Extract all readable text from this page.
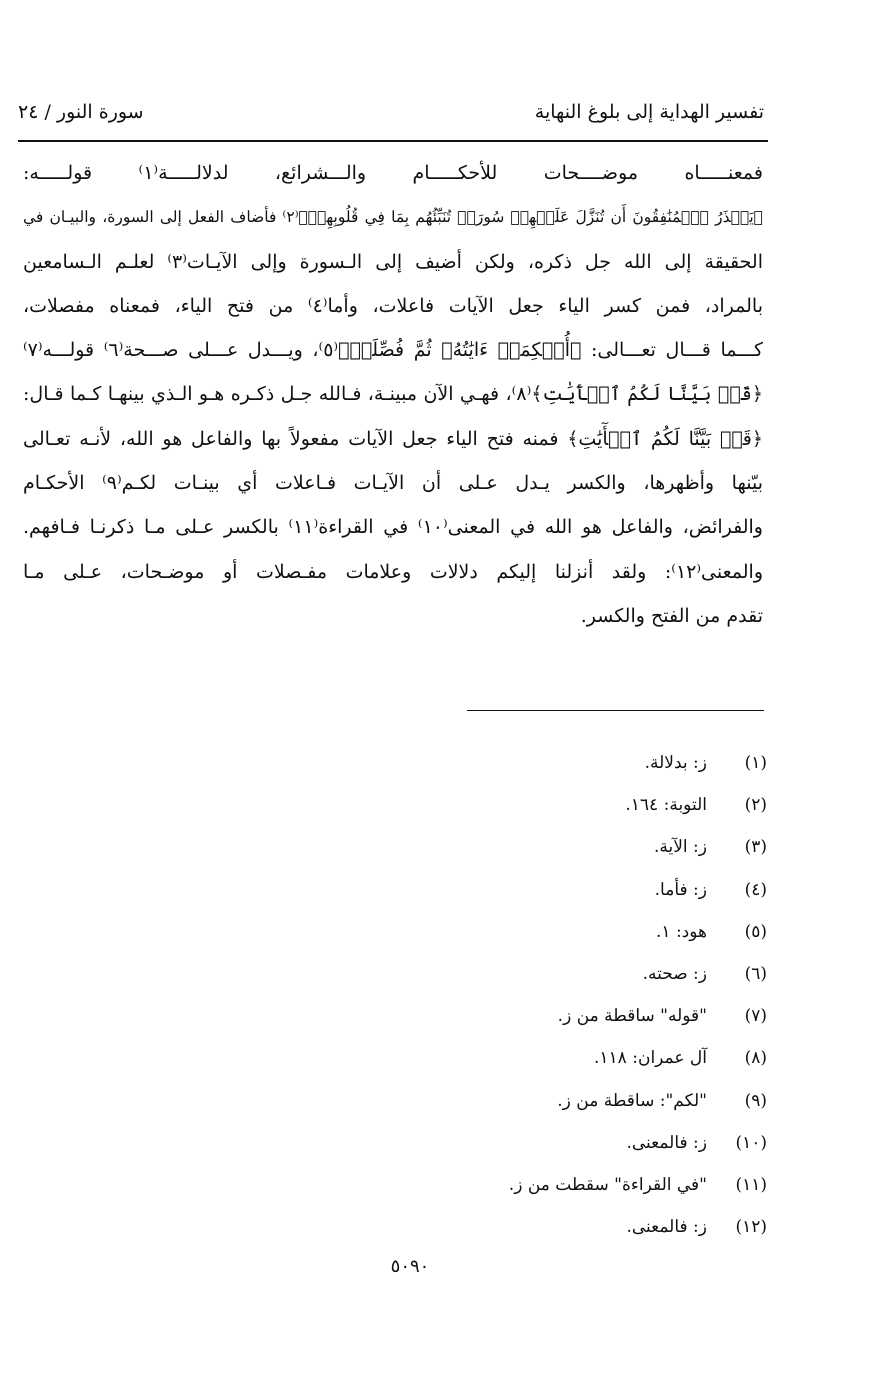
تفسير الهداية إلى بلوغ النهاية
سورة النور / ٢٤
فمعنـــــاه موضــــحات للأحكـــــام والـــشرائع، لدلالـــــة⁽١⁾ قولـــــه:
﴿يَحۡذَرُ ٱلۡمُنَٰفِقُونَ أَن تُنَزَّلَ عَلَيۡهِمۡ سُورَةٞ تُنَبِّئُهُم بِمَا فِي قُلُوبِهِمۡ﴾⁽٢⁾ فأضاف الفعل إلى السورة، والبيـان في
الحقيقة إلى الله جل ذكره، ولكن أضيف إلى الـسورة وإلى الآيـات⁽٣⁾ لعلـم الـسامعين
بالمراد، فمن كسر الياء جعل الآيات فاعلات، وأما⁽٤⁾ من فتح الياء، فمعناه مفصلات،
كـــما قـــال تعـــالى: ﴿أُحۡكِمَتۡ ءَايَٰتُهُۥ ثُمَّ فُصِّلَتۡ﴾⁽٥⁾، ويـــدل عـــلى صـــحة⁽٦⁾ قولـــه⁽٧⁾
﴿قَدۡ بَيَّنَّا لَكُمُ ٱلۡأٓيَٰتِ﴾⁽٨⁾، فهـي الآن مبينـة، فـالله جـل ذكـره هـو الـذي بينهـا كـما قـال:
﴿قَدۡ بَيَّنَّا لَكُمُ ٱلۡأٓيَٰتِ﴾ فمنه فتح الياء جعل الآيات مفعولاً بها والفاعل هو الله، لأنـه تعـالى
بيّنها وأظهرها، والكسر يـدل عـلى أن الآيـات فـاعلات أي بينـات لكـم⁽٩⁾ الأحكـام
والفرائض، والفاعل هو الله في المعنى⁽١٠⁾ في القراءة⁽١١⁾ بالكسر عـلى مـا ذكرنـا فـافهم.
والمعنى⁽١٢⁾: ولقد أنزلنا إليكم دلالات وعلامات مفـصلات أو موضـحات، عـلى مـا
تقدم من الفتح والكسر.
(١)
ز: بدلالة.
(٢)
التوبة: ١٦٤.
(٣)
ز: الآية.
(٤)
ز: فأما.
(٥)
هود: ١.
(٦)
ز: صحته.
(٧)
"قوله" ساقطة من ز.
(٨)
آل عمران: ١١٨.
(٩)
"لكم": ساقطة من ز.
(١٠)
ز: فالمعنى.
(١١)
"في القراءة" سقطت من ز.
(١٢)
ز: فالمعنى.
٥٠٩٠
